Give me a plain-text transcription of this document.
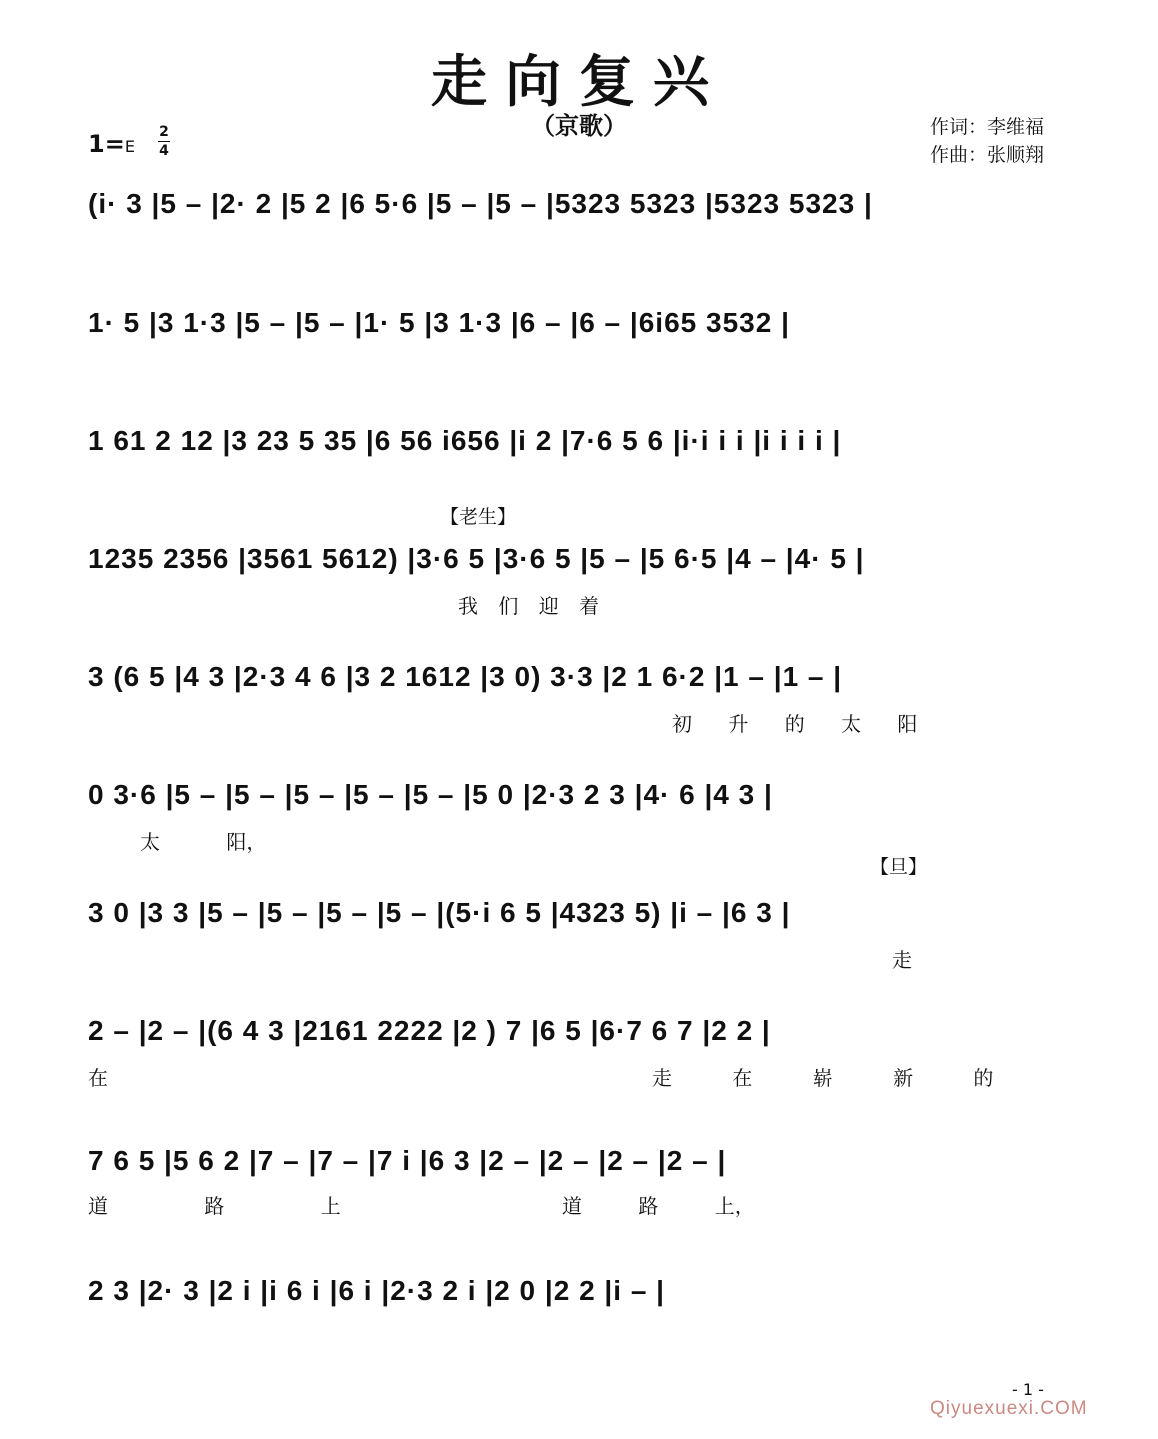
走向复兴
（京歌）	作词：李维福
作曲：张顺翔
1=E
2
4
(i· 3 |5 – |2· 2 |5 2 |6 5·6 |5 – |5 – |5323 5323 |5323 5323 |
1· 5 |3 1·3 |5 – |5 – |1· 5 |3 1·3 |6 – |6 – |6i65 3532 |
1 61 2 12 |3 23 5 35 |6 56 i656 |i 2 |7·6 5 6 |i·i i i |i i i i |
【老生】
1235 2356 |3561 5612) |3·6 5 |3·6 5 |5 – |5 6·5 |4 – |4· 5 |
我 们 迎 着
3 (6 5 |4 3 |2·3 4 6 |3 2 1612 |3 0) 3·3 |2 1 6·2 |1 – |1 – |
初 升 的 太 阳
0 3·6 |5 – |5 – |5 – |5 – |5 – |5 0 |2·3 2 3 |4· 6 |4 3 |
太 阳，
【旦】
3 0 |3 3 |5 – |5 – |5 – |5 – |(5·i 6 5 |4323 5) |i – |6 3 |
走
2 – |2 – |(6 4 3 |2161 2222 |2 ) 7 |6 5 |6·7 6 7 |2 2 |
在	走 在 崭 新 的
7 6 5 |5 6 2 |7 – |7 – |7 i |6 3 |2 – |2 – |2 – |2 – |
道 路 上	道 路 上，
2 3 |2· 3 |2 i |i 6 i |6 i |2·3 2 i |2 0 |2 2 |i – |
- 1 -
Qiyuexuexi.COM
